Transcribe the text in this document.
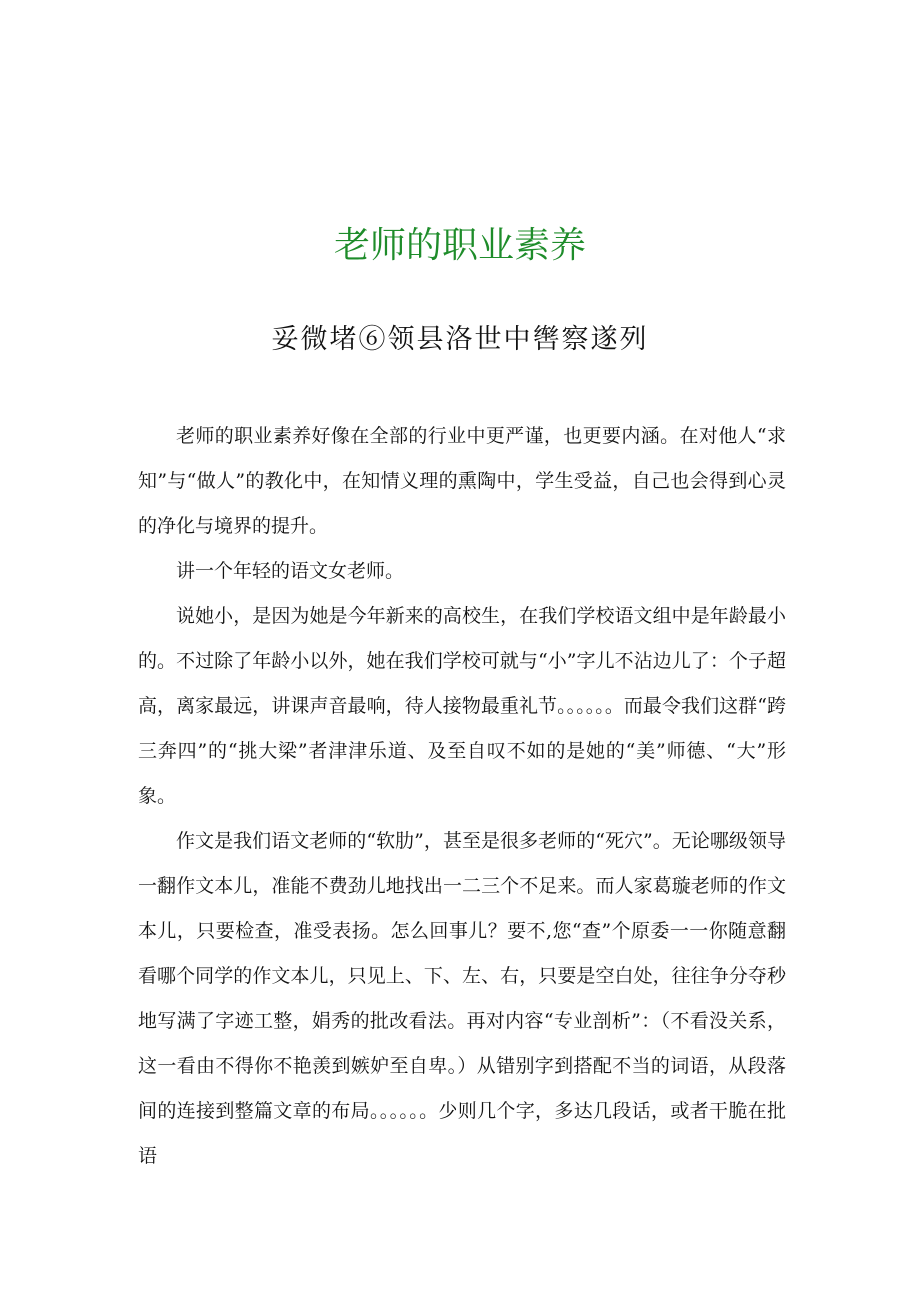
老师的职业素养
妥微堵⑥领县洛世中辔察遂列

老师的职业素养好像在全部的行业中更严谨，也更要内涵。在对他人“求知”与“做人”的教化中，在知情义理的熏陶中，学生受益，自己也会得到心灵的净化与境界的提升。

讲一个年轻的语文女老师。

说她小，是因为她是今年新来的高校生，在我们学校语文组中是年龄最小的。不过除了年龄小以外，她在我们学校可就与“小”字儿不沾边儿了：个子超高，离家最远，讲课声音最响，待人接物最重礼节。。。。。。而最令我们这群“跨三奔四”的“挑大梁”者津津乐道、及至自叹不如的是她的“美”师德、“大”形象。

作文是我们语文老师的“软肋”，甚至是很多老师的“死穴”。无论哪级领导一翻作文本儿，准能不费劲儿地找出一二三个不足来。而人家葛璇老师的作文本儿，只要检查，准受表扬。怎么回事儿？要不,您“查”个原委一一你随意翻看哪个同学的作文本儿，只见上、下、左、右，只要是空白处，往往争分夺秒地写满了字迹工整，娟秀的批改看法。再对内容“专业剖析”：（不看没关系，这一看由不得你不艳羡到嫉妒至自卑。）从错别字到搭配不当的词语，从段落间的连接到整篇文章的布局。。。。。。少则几个字，多达几段话，或者干脆在批语
